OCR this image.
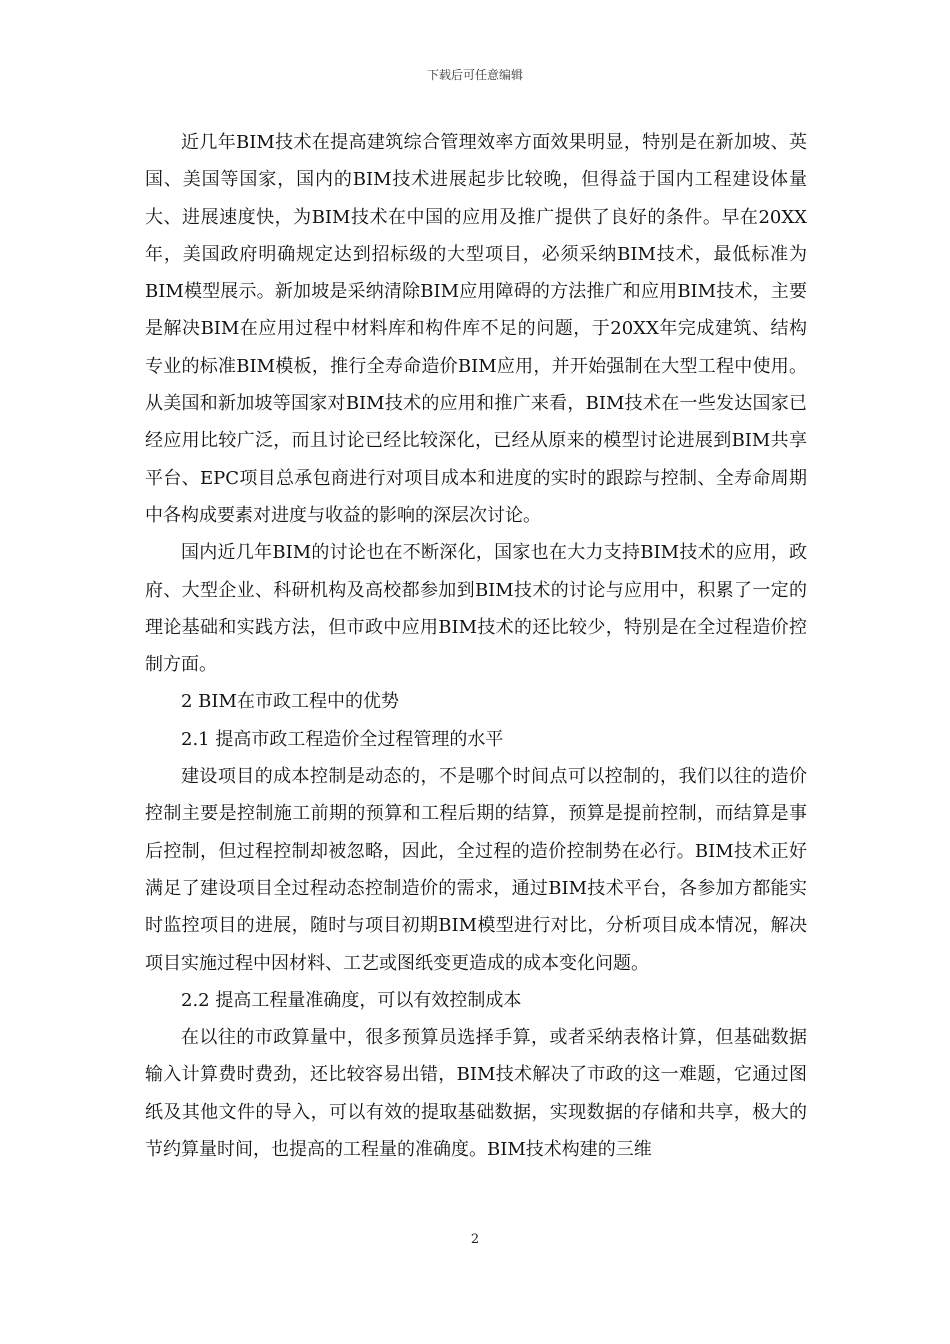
下载后可任意编辑

近几年BIM技术在提高建筑综合管理效率方面效果明显，特别是在新加坡、英国、美国等国家，国内的BIM技术进展起步比较晚，但得益于国内工程建设体量大、进展速度快，为BIM技术在中国的应用及推广提供了良好的条件。早在20XX年，美国政府明确规定达到招标级的大型项目，必须采纳BIM技术，最低标准为BIM模型展示。新加坡是采纳清除BIM应用障碍的方法推广和应用BIM技术，主要是解决BIM在应用过程中材料库和构件库不足的问题，于20XX年完成建筑、结构专业的标准BIM模板，推行全寿命造价BIM应用，并开始强制在大型工程中使用。从美国和新加坡等国家对BIM技术的应用和推广来看，BIM技术在一些发达国家已经应用比较广泛，而且讨论已经比较深化，已经从原来的模型讨论进展到BIM共享平台、EPC项目总承包商进行对项目成本和进度的实时的跟踪与控制、全寿命周期中各构成要素对进度与收益的影响的深层次讨论。

国内近几年BIM的讨论也在不断深化，国家也在大力支持BIM技术的应用，政府、大型企业、科研机构及高校都参加到BIM技术的讨论与应用中，积累了一定的理论基础和实践方法，但市政中应用BIM技术的还比较少，特别是在全过程造价控制方面。

2 BIM在市政工程中的优势

2.1 提高市政工程造价全过程管理的水平

建设项目的成本控制是动态的，不是哪个时间点可以控制的，我们以往的造价控制主要是控制施工前期的预算和工程后期的结算，预算是提前控制，而结算是事后控制，但过程控制却被忽略，因此，全过程的造价控制势在必行。BIM技术正好满足了建设项目全过程动态控制造价的需求，通过BIM技术平台，各参加方都能实时监控项目的进展，随时与项目初期BIM模型进行对比，分析项目成本情况，解决项目实施过程中因材料、工艺或图纸变更造成的成本变化问题。

2.2 提高工程量准确度，可以有效控制成本

在以往的市政算量中，很多预算员选择手算，或者采纳表格计算，但基础数据输入计算费时费劲，还比较容易出错，BIM技术解决了市政的这一难题，它通过图纸及其他文件的导入，可以有效的提取基础数据，实现数据的存储和共享，极大的节约算量时间，也提高的工程量的准确度。BIM技术构建的三维

2
